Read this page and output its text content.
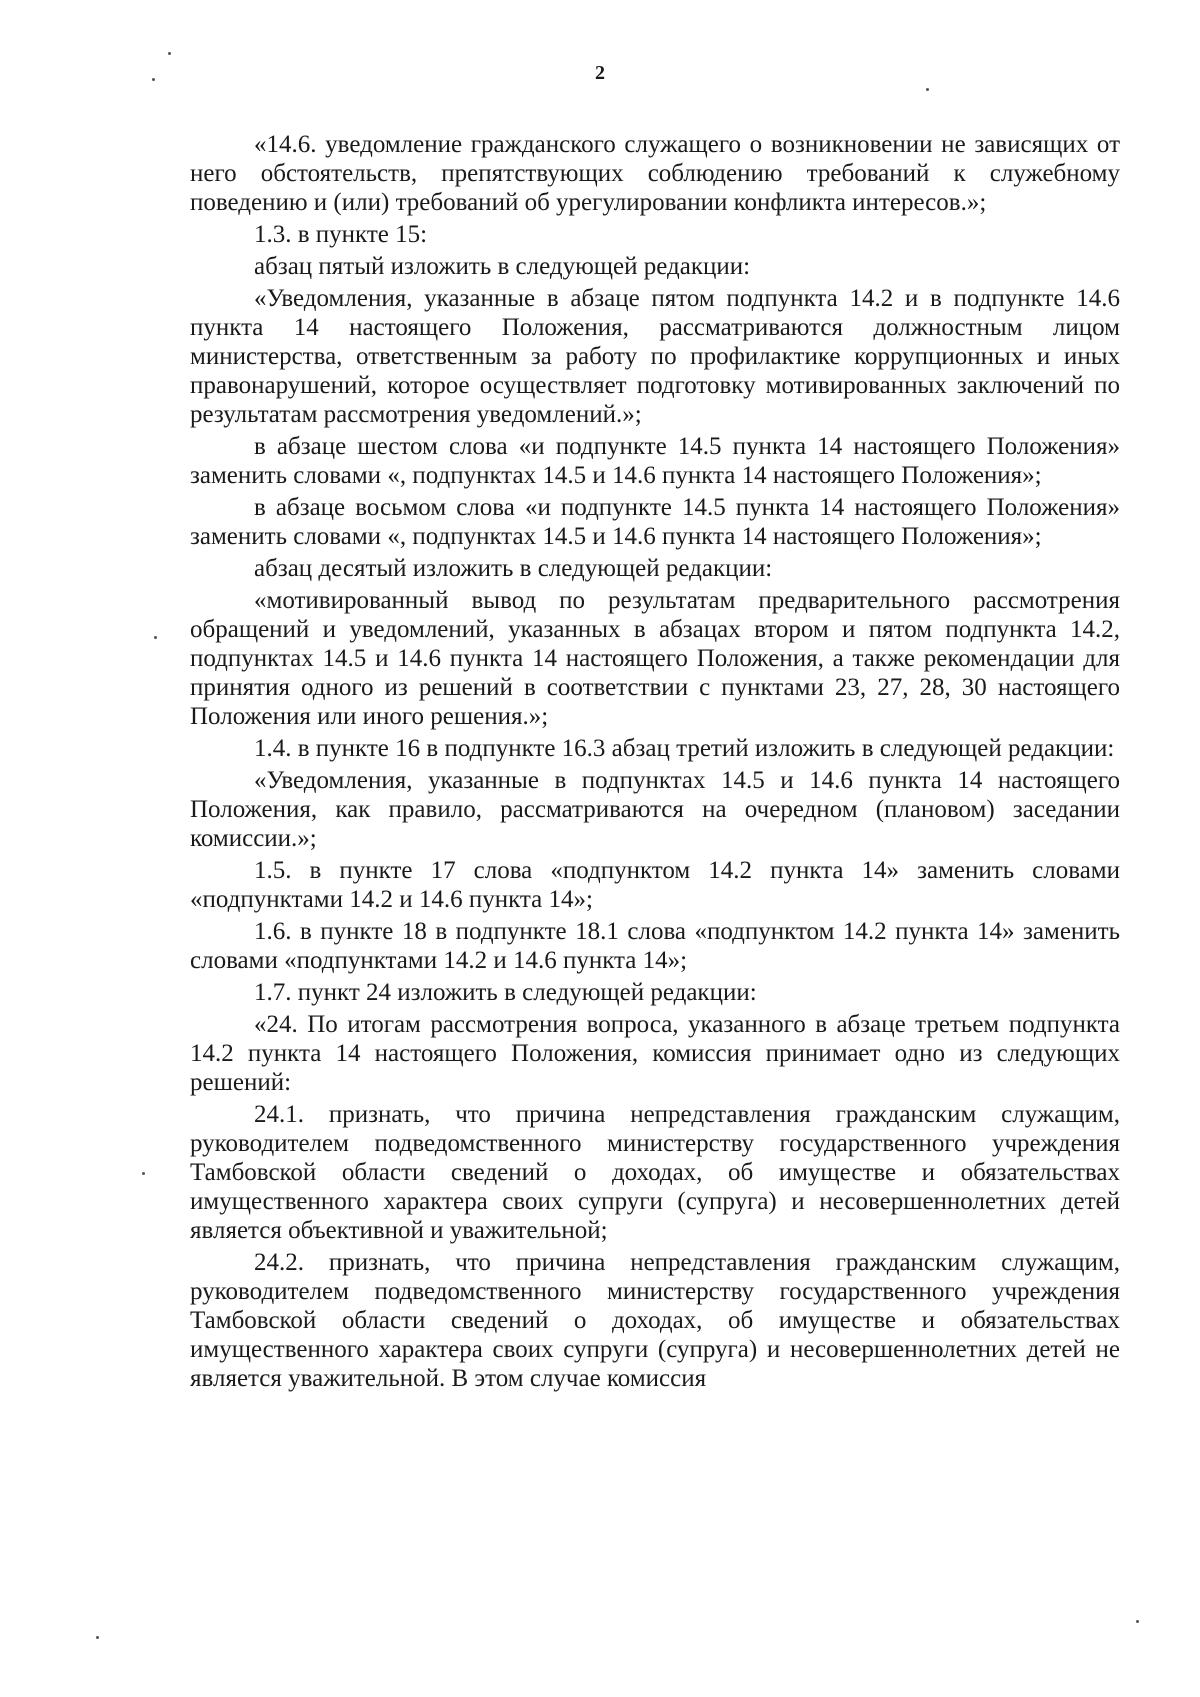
2

«14.6. уведомление гражданского служащего о возникновении не зависящих от него обстоятельств, препятствующих соблюдению требований к служебному поведению и (или) требований об урегулировании конфликта интересов.»;

1.3. в пункте 15:

абзац пятый изложить в следующей редакции:

«Уведомления, указанные в абзаце пятом подпункта 14.2 и в подпункте 14.6 пункта 14 настоящего Положения, рассматриваются должностным лицом министерства, ответственным за работу по профилактике коррупционных и иных правонарушений, которое осуществляет подготовку мотивированных заключений по результатам рассмотрения уведомлений.»;

в абзаце шестом слова «и подпункте 14.5 пункта 14 настоящего Положения» заменить словами «, подпунктах 14.5 и 14.6 пункта 14 настоящего Положения»;

в абзаце восьмом слова «и подпункте 14.5 пункта 14 настоящего Положения» заменить словами «, подпунктах 14.5 и 14.6 пункта 14 настоящего Положения»;

абзац десятый изложить в следующей редакции:

«мотивированный вывод по результатам предварительного рассмотрения обращений и уведомлений, указанных в абзацах втором и пятом подпункта 14.2, подпунктах 14.5 и 14.6 пункта 14 настоящего Положения, а также рекомендации для принятия одного из решений в соответствии с пунктами 23, 27, 28, 30 настоящего Положения или иного решения.»;

1.4. в пункте 16 в подпункте 16.3 абзац третий изложить в следующей редакции:

«Уведомления, указанные в подпунктах 14.5 и 14.6 пункта 14 настоящего Положения, как правило, рассматриваются на очередном (плановом) заседании комиссии.»;

1.5. в пункте 17 слова «подпунктом 14.2 пункта 14» заменить словами «подпунктами 14.2 и 14.6 пункта 14»;

1.6. в пункте 18 в подпункте 18.1 слова «подпунктом 14.2 пункта 14» заменить словами «подпунктами 14.2 и 14.6 пункта 14»;

1.7. пункт 24 изложить в следующей редакции:

«24. По итогам рассмотрения вопроса, указанного в абзаце третьем подпункта 14.2 пункта 14 настоящего Положения, комиссия принимает одно из следующих решений:

24.1. признать, что причина непредставления гражданским служащим, руководителем подведомственного министерству государственного учреждения Тамбовской области сведений о доходах, об имуществе и обязательствах имущественного характера своих супруги (супруга) и несовершеннолетних детей является объективной и уважительной;

24.2. признать, что причина непредставления гражданским служащим, руководителем подведомственного министерству государственного учреждения Тамбовской области сведений о доходах, об имуществе и обязательствах имущественного характера своих супруги (супруга) и несовершеннолетних детей не является уважительной. В этом случае комиссия
